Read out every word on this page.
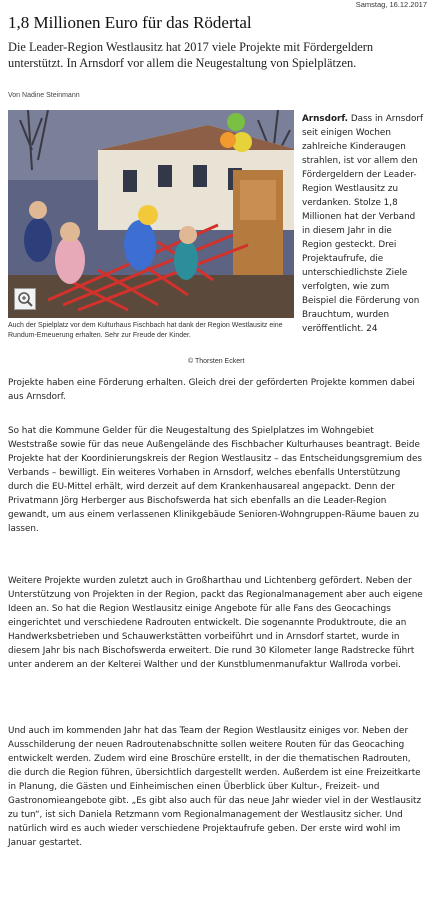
Samstag, 16.12.2017
1,8 Millionen Euro für das Rödertal
Die Leader-Region Westlausitz hat 2017 viele Projekte mit Fördergeldern unterstützt. In Arnsdorf vor allem die Neugestaltung von Spielplätzen.
Von Nadine Steinmann
Auch der Spielplatz vor dem Kulturhaus Fischbach hat dank der Region Westlausitz eine Rundum-Erneuerung erhalten. Sehr zur Freude der Kinder.
© Thorsten Eckert
Arnsdorf. Dass in Arnsdorf seit einigen Wochen zahlreiche Kinderaugen strahlen, ist vor allem den Fördergeldern der Leader-Region Westlausitz zu verdanken. Stolze 1,8 Millionen hat der Verband in diesem Jahr in die Region gesteckt. Drei Projektaufrufe, die unterschiedlichste Ziele verfolgten, wie zum Beispiel die Förderung von Brauchtum, wurden veröffentlicht. 24
Projekte haben eine Förderung erhalten. Gleich drei der geförderten Projekte kommen dabei aus Arnsdorf.
So hat die Kommune Gelder für die Neugestaltung des Spielplatzes im Wohngebiet Weststraße sowie für das neue Außengelände des Fischbacher Kulturhauses beantragt. Beide Projekte hat der Koordinierungskreis der Region Westlausitz – das Entscheidungsgremium des Verbands – bewilligt. Ein weiteres Vorhaben in Arnsdorf, welches ebenfalls Unterstützung durch die EU-Mittel erhält, wird derzeit auf dem Krankenhausareal angepackt. Denn der Privatmann Jörg Herberger aus Bischofswerda hat sich ebenfalls an die Leader-Region gewandt, um aus einem verlassenen Klinikgebäude Senioren-Wohngruppen-Räume bauen zu lassen.
Weitere Projekte wurden zuletzt auch in Großharthau und Lichtenberg gefördert. Neben der Unterstützung von Projekten in der Region, packt das Regionalmanagement aber auch eigene Ideen an. So hat die Region Westlausitz einige Angebote für alle Fans des Geocachings eingerichtet und verschiedene Radrouten entwickelt. Die sogenannte Produktroute, die an Handwerksbetrieben und Schauwerkstätten vorbeiführt und in Arnsdorf startet, wurde in diesem Jahr bis nach Bischofswerda erweitert. Die rund 30 Kilometer lange Radstrecke führt unter anderem an der Kelterei Walther und der Kunstblumenmanufaktur Wallroda vorbei.
Und auch im kommenden Jahr hat das Team der Region Westlausitz einiges vor. Neben der Ausschilderung der neuen Radroutenabschnitte sollen weitere Routen für das Geocaching entwickelt werden. Zudem wird eine Broschüre erstellt, in der die thematischen Radrouten, die durch die Region führen, übersichtlich dargestellt werden. Außerdem ist eine Freizeitkarte in Planung, die Gästen und Einheimischen einen Überblick über Kultur-, Freizeit- und Gastronomieangebote gibt. „Es gibt also auch für das neue Jahr wieder viel in der Westlausitz zu tun“, ist sich Daniela Retzmann vom Regionalmanagement der Westlausitz sicher. Und natürlich wird es auch wieder verschiedene Projektaufrufe geben. Der erste wird wohl im Januar gestartet.
